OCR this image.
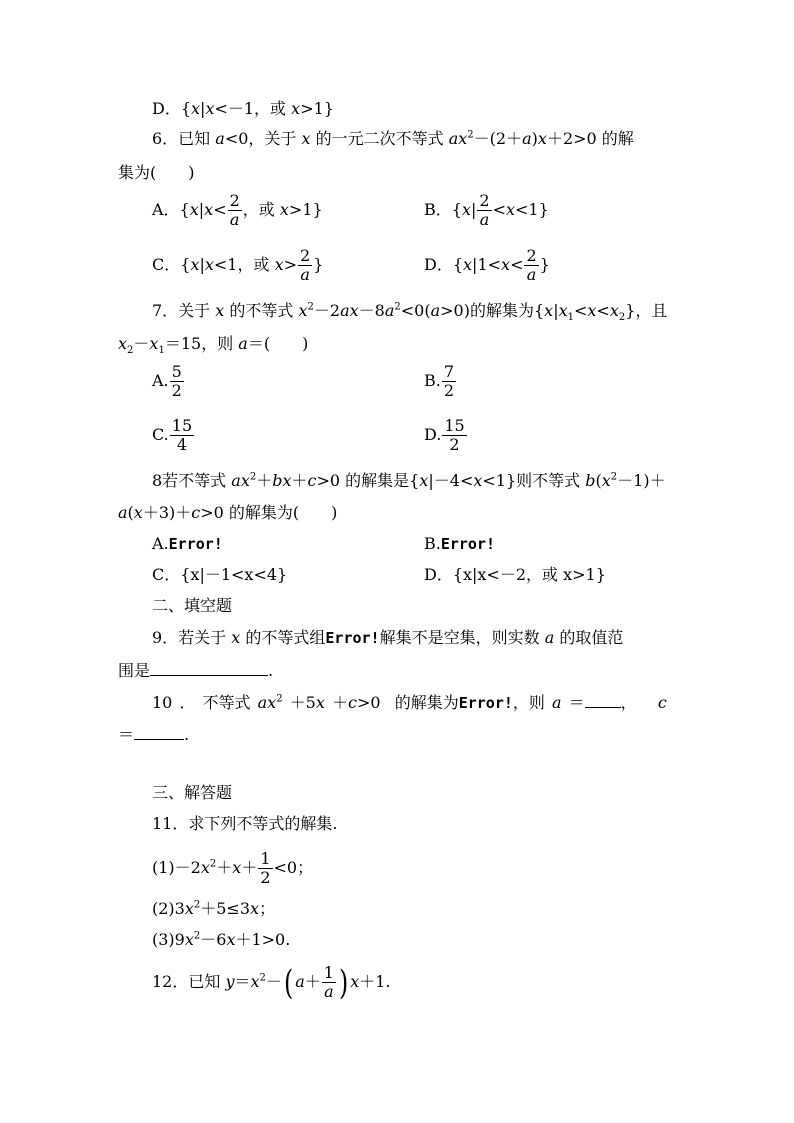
D．{x|x<－1，或 x>1}
6．已知 a<0，关于 x 的一元二次不等式 $ax^2-(2+a)x+2>0$ 的解
集为(　　)
A．{$x|x< \frac{2}{a}$ ，或 x>1}	B．$\{x| \frac{2}{a} <x<1\}$
C．{x|x<1，或 $x> \frac{2}{a}$ }	D．{$x|1<x< \frac{2}{a}$ }
7．关于 x 的不等式 $x^2-2ax-8a^2<0(a>0)$的解集为$\{x|x_1<x<x_2\}$，且
$x_2-x_1=15$，则 a＝(　　)
A. $\frac{5}{2}$	B. $\frac{7}{2}$
C. $\frac{15}{4}$	D. $\frac{15}{2}$
8若不等式 $ax^2+bx+c>0$ 的解集是{x|－4<x<1}则不等式 $b(x^2-1)+$
a(x＋3)＋c>0 的解集为(　　)
A.Error!	B.Error!
C．{x|－1<x<4}	D．{x|x<－2，或 x>1}
二、填空题
9．若关于 x 的不等式组Error!解集不是空集，则实数 a 的取值范
围是	.
10 ． 不等式 $ax^2 +5x +c>0$  的解集为Error!，则 a ＝ ，   c
＝	.
三、解答题
11．求下列不等式的解集.
$(1)-2x^2+x+ \frac{1}{2} <0$；
$(2)3x^2+5\le 3x$；
$(3)9x^2-6x+1>0$.
12．已知 $y=x^2-$( $a+ \frac{1}{a}$ ) x＋1.
